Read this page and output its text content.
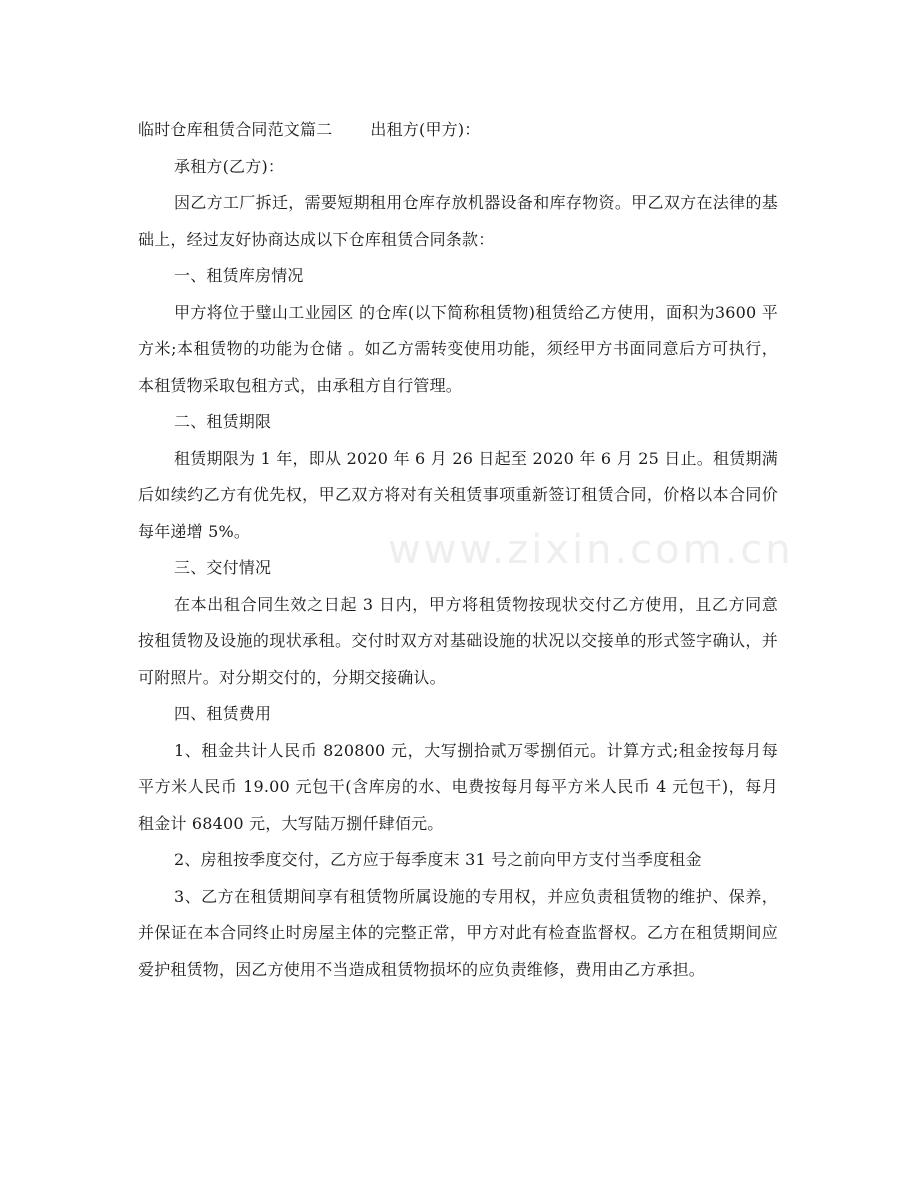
临时仓库租赁合同范文篇二 出租方(甲方)：

承租方(乙方)：

因乙方工厂拆迁，需要短期租用仓库存放机器设备和库存物资。甲乙双方在法律的基础上，经过友好协商达成以下仓库租赁合同条款：

一、租赁库房情况

甲方将位于璧山工业园区 的仓库(以下简称租赁物)租赁给乙方使用，面积为3600 平方米;本租赁物的功能为仓储 。如乙方需转变使用功能，须经甲方书面同意后方可执行，本租赁物采取包租方式，由承租方自行管理。

二、租赁期限

租赁期限为 1 年，即从 2020 年 6 月 26 日起至 2020 年 6 月 25 日止。租赁期满后如续约乙方有优先权，甲乙双方将对有关租赁事项重新签订租赁合同，价格以本合同价每年递增 5%。

三、交付情况

在本出租合同生效之日起 3 日内，甲方将租赁物按现状交付乙方使用，且乙方同意按租赁物及设施的现状承租。交付时双方对基础设施的状况以交接单的形式签字确认，并可附照片。对分期交付的，分期交接确认。

四、租赁费用

1、租金共计人民币 820800 元，大写捌拾贰万零捌佰元。计算方式;租金按每月每平方米人民币 19.00 元包干(含库房的水、电费按每月每平方米人民币 4 元包干)，每月租金计 68400 元，大写陆万捌仟肆佰元。

2、房租按季度交付，乙方应于每季度末 31 号之前向甲方支付当季度租金

3、乙方在租赁期间享有租赁物所属设施的专用权，并应负责租赁物的维护、保养，并保证在本合同终止时房屋主体的完整正常，甲方对此有检查监督权。乙方在租赁期间应爱护租赁物，因乙方使用不当造成租赁物损坏的应负责维修，费用由乙方承担。

www.zixin.com.cn
